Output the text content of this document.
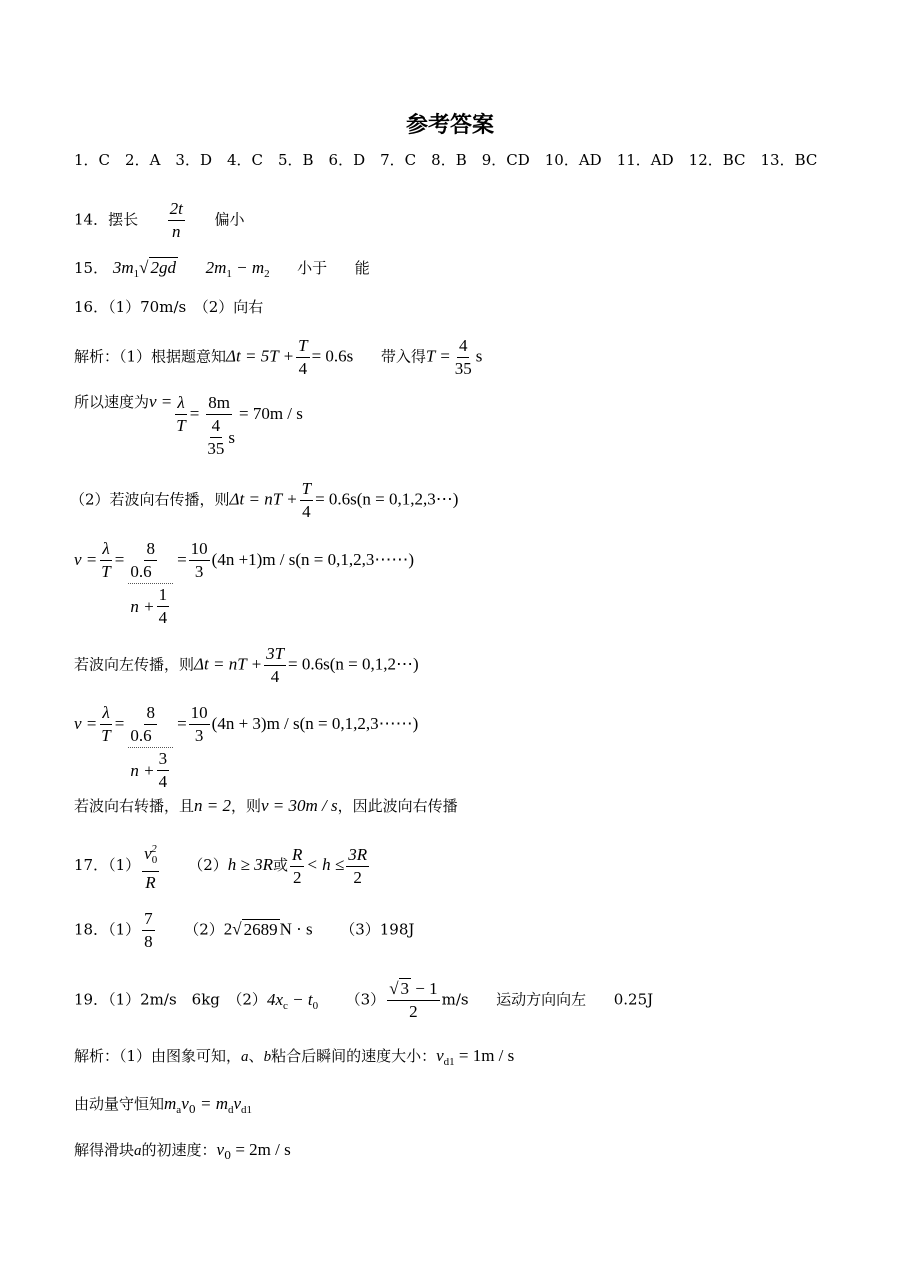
参考答案
1．C　2．A　3．D　4．C　5．B　6．D　7．C　8．B　9．CD　10．AD　11．AD　12．BC　13．BC
14．摆长 $\frac{2t}{n}$ 偏小
15． $3m_1√$ 2gd $2m_1 - m_2$ 小于 能
16．（1）70m/s　（2）向右
解析：（1）根据题意知$\Delta t = 5T + \frac{T}{4} = 0.6s$ 带入得$T = \frac{4}{35}$ s
所以速度为$v = \frac{\lambda}{T} = \frac{8m}{\frac{4}{35} s} = 70m / s$
（2）若波向右传播，则Δt = nT + $\frac{T}{4} = 0.6s(n$ = 0,1,2,3⋯)
$v = \frac{\lambda}{T} = \frac{8}{\frac{0.6}{n + \frac{1}{4}}} = \frac{10}{3} (4n +1)m / s(n$ = 0,1,2,3⋯⋯)
若波向左传播，则Δt = nT + $\frac{3T}{4} = 0.6s(n$ = 0,1,2⋯)
$v = \frac{\lambda}{T} = \frac{8}{\frac{0.6}{n + \frac{3}{4}}} = \frac{10}{3} (4n + 3)m / s(n$ = 0,1,2,3⋯⋯)
若波向右转播，且n = 2，则v = 30m / s，因此波向右传播
17．$(1) \frac{v_0^2}{R} (2)h \ge 3R$或 $\frac{R}{2} < h \le \frac{3R}{2}$
18．$(1) \frac{7}{8} (2)2√$ 2689 N · s （3）198J
19．（1）2m/s　6kg　$(2)4x_c - t_0$ $(3) \frac{√ 3 - 1}{2} m/s$ 运动方向向左 0.25J
解析：（1）由图象可知，a、b粘合后瞬间的速度大小：$v_{d1} = 1m / s$
由动量守恒知$m_av_0 = m_dv_{d1}$
解得滑块a的初速度：$v_0 = 2m / s$
